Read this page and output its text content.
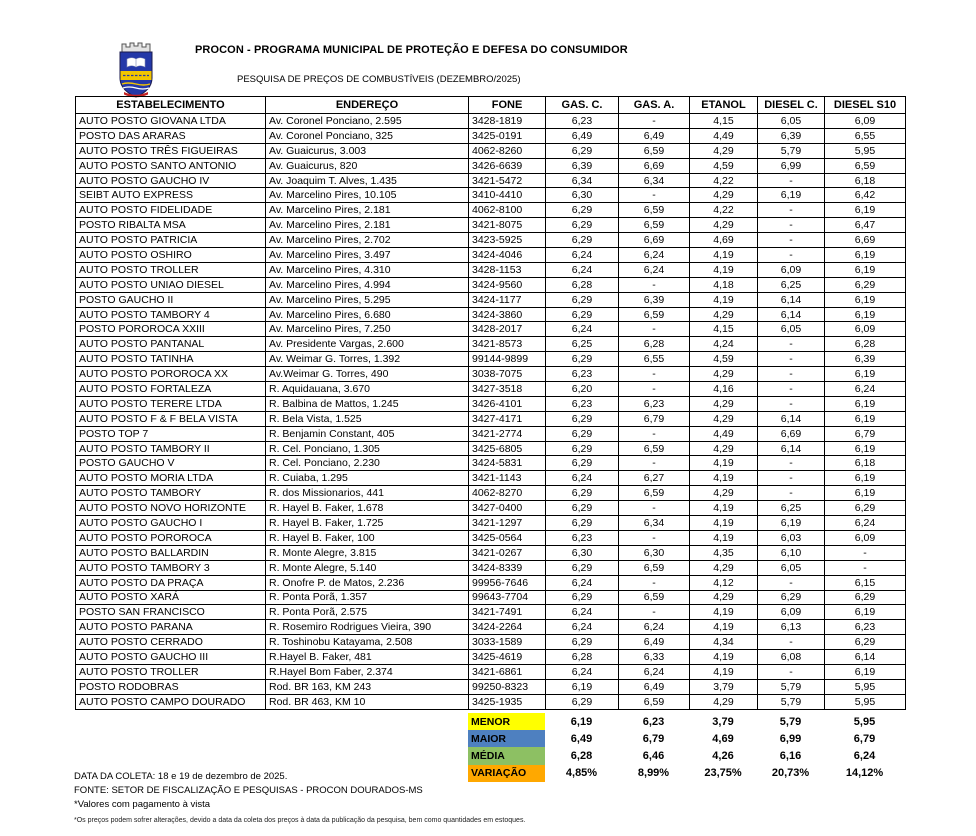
PROCON - PROGRAMA MUNICIPAL DE PROTEÇÃO E DEFESA DO CONSUMIDOR
PESQUISA DE PREÇOS DE COMBUSTÍVEIS (DEZEMBRO/2025)
ESTABELECIMENTO	ENDEREÇO	FONE	GAS. C.	GAS. A.	ETANOL	DIESEL C.	DIESEL S10
AUTO POSTO GIOVANA LTDA	Av. Coronel Ponciano, 2.595	3428-1819	6,23	-	4,15	6,05	6,09
POSTO DAS ARARAS	Av. Coronel Ponciano, 325	3425-0191	6,49	6,49	4,49	6,39	6,55
AUTO POSTO TRÊS FIGUEIRAS	Av. Guaicurus, 3.003	4062-8260	6,29	6,59	4,29	5,79	5,95
AUTO POSTO SANTO ANTONIO	Av. Guaicurus, 820	3426-6639	6,39	6,69	4,59	6,99	6,59
AUTO POSTO GAUCHO IV	Av. Joaquim T. Alves, 1.435	3421-5472	6,34	6,34	4,22	-	6,18
SEIBT AUTO EXPRESS	Av. Marcelino Pires, 10.105	3410-4410	6,30	-	4,29	6,19	6,42
AUTO POSTO FIDELIDADE	Av. Marcelino Pires, 2.181	4062-8100	6,29	6,59	4,22	-	6,19
POSTO RIBALTA MSA	Av. Marcelino Pires, 2.181	3421-8075	6,29	6,59	4,29	-	6,47
AUTO POSTO PATRICIA	Av. Marcelino Pires, 2.702	3423-5925	6,29	6,69	4,69	-	6,69
AUTO POSTO OSHIRO	Av. Marcelino Pires, 3.497	3424-4046	6,24	6,24	4,19	-	6,19
AUTO POSTO TROLLER	Av. Marcelino Pires, 4.310	3428-1153	6,24	6,24	4,19	6,09	6,19
AUTO POSTO UNIAO DIESEL	Av. Marcelino Pires, 4.994	3424-9560	6,28	-	4,18	6,25	6,29
POSTO GAUCHO II	Av. Marcelino Pires, 5.295	3424-1177	6,29	6,39	4,19	6,14	6,19
AUTO POSTO TAMBORY 4	Av. Marcelino Pires, 6.680	3424-3860	6,29	6,59	4,29	6,14	6,19
POSTO POROROCA XXIII	Av. Marcelino Pires, 7.250	3428-2017	6,24	-	4,15	6,05	6,09
AUTO POSTO PANTANAL	Av. Presidente Vargas, 2.600	3421-8573	6,25	6,28	4,24	-	6,28
AUTO POSTO TATINHA	Av. Weimar G. Torres, 1.392	99144-9899	6,29	6,55	4,59	-	6,39
AUTO POSTO POROROCA XX	Av.Weimar G. Torres, 490	3038-7075	6,23	-	4,29	-	6,19
AUTO POSTO FORTALEZA	R. Aquidauana, 3.670	3427-3518	6,20	-	4,16	-	6,24
AUTO POSTO TERERE LTDA	R. Balbina de Mattos, 1.245	3426-4101	6,23	6,23	4,29	-	6,19
AUTO POSTO F & F BELA VISTA	R. Bela Vista, 1.525	3427-4171	6,29	6,79	4,29	6,14	6,19
POSTO TOP 7	R. Benjamin Constant, 405	3421-2774	6,29	-	4,49	6,69	6,79
AUTO POSTO TAMBORY II	R. Cel. Ponciano, 1.305	3425-6805	6,29	6,59	4,29	6,14	6,19
POSTO GAUCHO V	R. Cel. Ponciano, 2.230	3424-5831	6,29	-	4,19	-	6,18
AUTO POSTO MORIA LTDA	R. Cuiaba, 1.295	3421-1143	6,24	6,27	4,19	-	6,19
AUTO POSTO TAMBORY	R. dos Missionarios, 441	4062-8270	6,29	6,59	4,29	-	6,19
AUTO POSTO NOVO HORIZONTE	R. Hayel B. Faker, 1.678	3427-0400	6,29	-	4,19	6,25	6,29
AUTO POSTO GAUCHO I	R. Hayel B. Faker, 1.725	3421-1297	6,29	6,34	4,19	6,19	6,24
AUTO POSTO POROROCA	R. Hayel B. Faker, 100	3425-0564	6,23	-	4,19	6,03	6,09
AUTO POSTO BALLARDIN	R. Monte Alegre, 3.815	3421-0267	6,30	6,30	4,35	6,10	-
AUTO POSTO TAMBORY 3	R. Monte Alegre, 5.140	3424-8339	6,29	6,59	4,29	6,05	-
AUTO POSTO DA PRAÇA	R. Onofre P. de Matos, 2.236	99956-7646	6,24	-	4,12	-	6,15
AUTO POSTO XARÁ	R. Ponta Porã, 1.357	99643-7704	6,29	6,59	4,29	6,29	6,29
POSTO SAN FRANCISCO	R. Ponta Porã, 2.575	3421-7491	6,24	-	4,19	6,09	6,19
AUTO POSTO PARANA	R. Rosemiro Rodrigues Vieira, 390	3424-2264	6,24	6,24	4,19	6,13	6,23
AUTO POSTO CERRADO	R. Toshinobu Katayama, 2.508	3033-1589	6,29	6,49	4,34	-	6,29
AUTO POSTO GAUCHO III	R.Hayel B. Faker, 481	3425-4619	6,28	6,33	4,19	6,08	6,14
AUTO POSTO TROLLER	R.Hayel Bom Faber, 2.374	3421-6861	6,24	6,24	4,19	-	6,19
POSTO RODOBRAS	Rod. BR 163, KM 243	99250-8323	6,19	6,49	3,79	5,79	5,95
AUTO POSTO CAMPO DOURADO	Rod. BR 463, KM 10	3425-1935	6,29	6,59	4,29	5,79	5,95
MENOR	6,19	6,23	3,79	5,79	5,95
MAIOR	6,49	6,79	4,69	6,99	6,79
MÉDIA	6,28	6,46	4,26	6,16	6,24
VARIAÇÃO	4,85%	8,99%	23,75%	20,73%	14,12%
DATA DA COLETA: 18 e 19 de dezembro de 2025.
FONTE: SETOR DE FISCALIZAÇÃO E PESQUISAS - PROCON DOURADOS-MS
*Valores com pagamento à vista
*Os preços podem sofrer alterações, devido a data da coleta dos preços à data da publicação da pesquisa, bem como quantidades em estoques.
